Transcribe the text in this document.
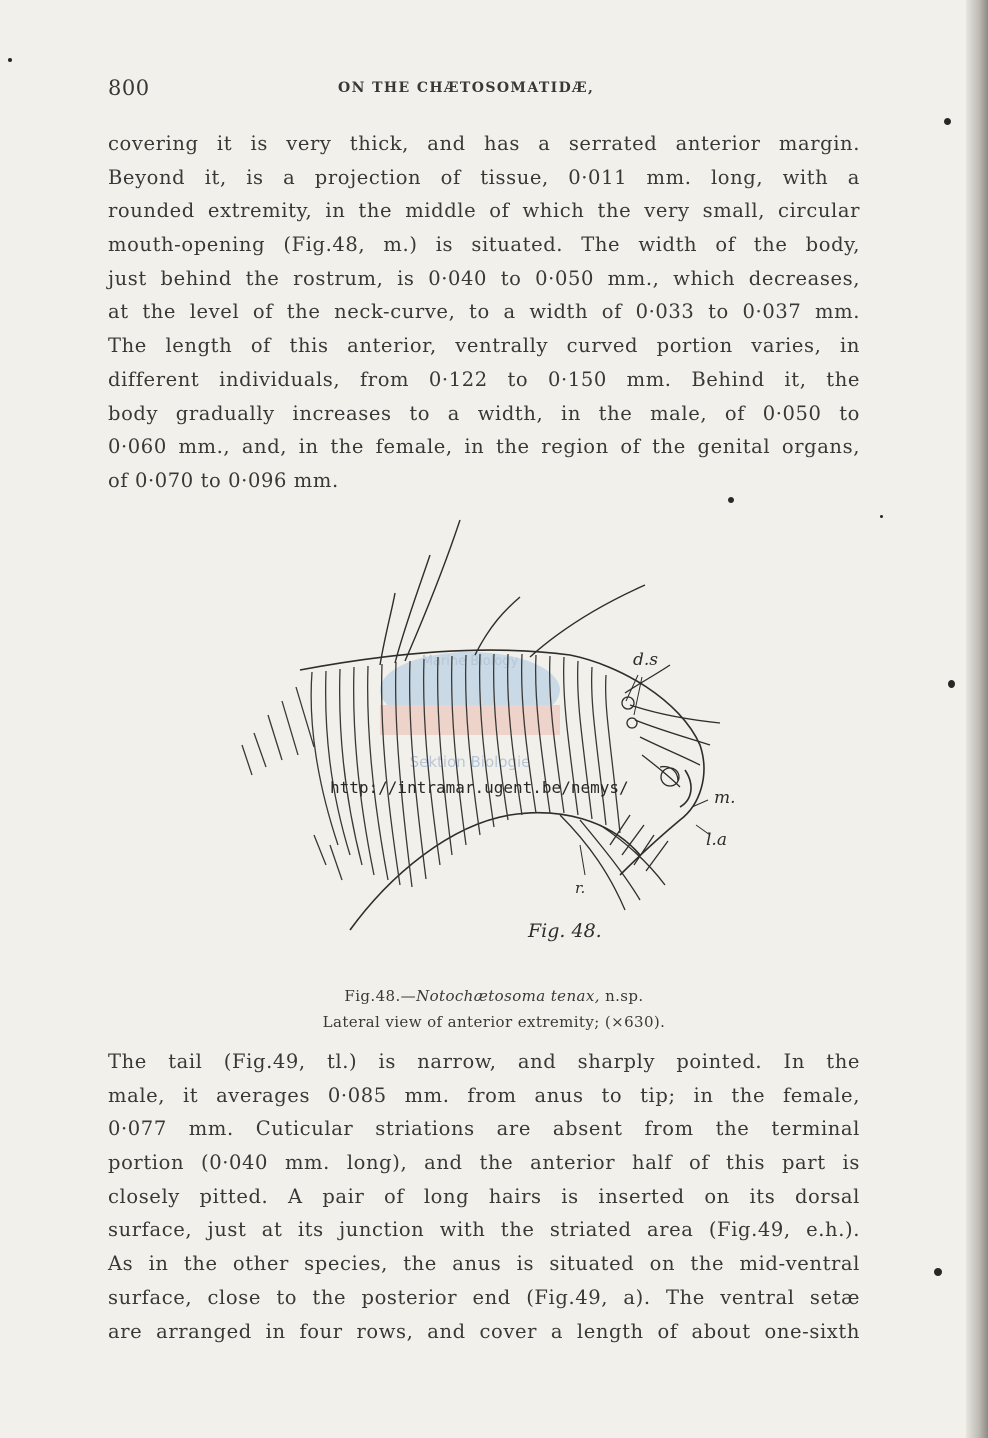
800	ON THE CHÆTOSOMATIDÆ,
covering it is very thick, and has a serrated anterior margin.
Beyond it, is a projection of tissue, 0·011 mm. long, with a
rounded extremity, in the middle of which the very small, circular
mouth-opening (Fig.48, m.) is situated. The width of the body,
just behind the rostrum, is 0·040 to 0·050 mm., which decreases,
at the level of the neck-curve, to a width of 0·033 to 0·037 mm.
The length of this anterior, ventrally curved portion varies, in
different individuals, from 0·122 to 0·150 mm. Behind it, the
body gradually increases to a width, in the male, of 0·050 to
0·060 mm., and, in the female, in the region of the genital organs,
of 0·070 to 0·096 mm.
Marine Biology
Sektion Biologie
d.s
m.
l.a
r.
Fig. 48.
http://intramar.ugent.be/nemys/
Fig.48.—Notochætosoma tenax, n.sp.
Lateral view of anterior extremity; (×630).
The tail (Fig.49, tl.) is narrow, and sharply pointed. In the
male, it averages 0·085 mm. from anus to tip; in the female,
0·077 mm. Cuticular striations are absent from the terminal
portion (0·040 mm. long), and the anterior half of this part is
closely pitted. A pair of long hairs is inserted on its dorsal
surface, just at its junction with the striated area (Fig.49, e.h.).
As in the other species, the anus is situated on the mid-ventral
surface, close to the posterior end (Fig.49, a). The ventral setæ
are arranged in four rows, and cover a length of about one-sixth
